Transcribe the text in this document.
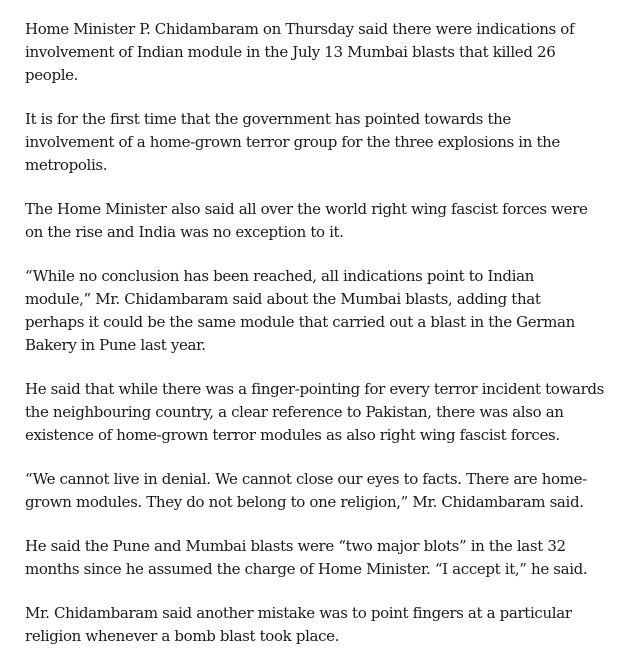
Home Minister P. Chidambaram on Thursday said there were indications of involvement of Indian module in the July 13 Mumbai blasts that killed 26 people.

It is for the first time that the government has pointed towards the involvement of a home-grown terror group for the three explosions in the metropolis.

The Home Minister also said all over the world right wing fascist forces were on the rise and India was no exception to it.

“While no conclusion has been reached, all indications point to Indian module,” Mr. Chidambaram said about the Mumbai blasts, adding that perhaps it could be the same module that carried out a blast in the German Bakery in Pune last year.

He said that while there was a finger-pointing for every terror incident towards the neighbouring country, a clear reference to Pakistan, there was also an existence of home-grown terror modules as also right wing fascist forces.

“We cannot live in denial. We cannot close our eyes to facts. There are home-grown modules. They do not belong to one religion,” Mr. Chidambaram said.

He said the Pune and Mumbai blasts were “two major blots” in the last 32 months since he assumed the charge of Home Minister. “I accept it,” he said.

Mr. Chidambaram said another mistake was to point fingers at a particular religion whenever a bomb blast took place.
